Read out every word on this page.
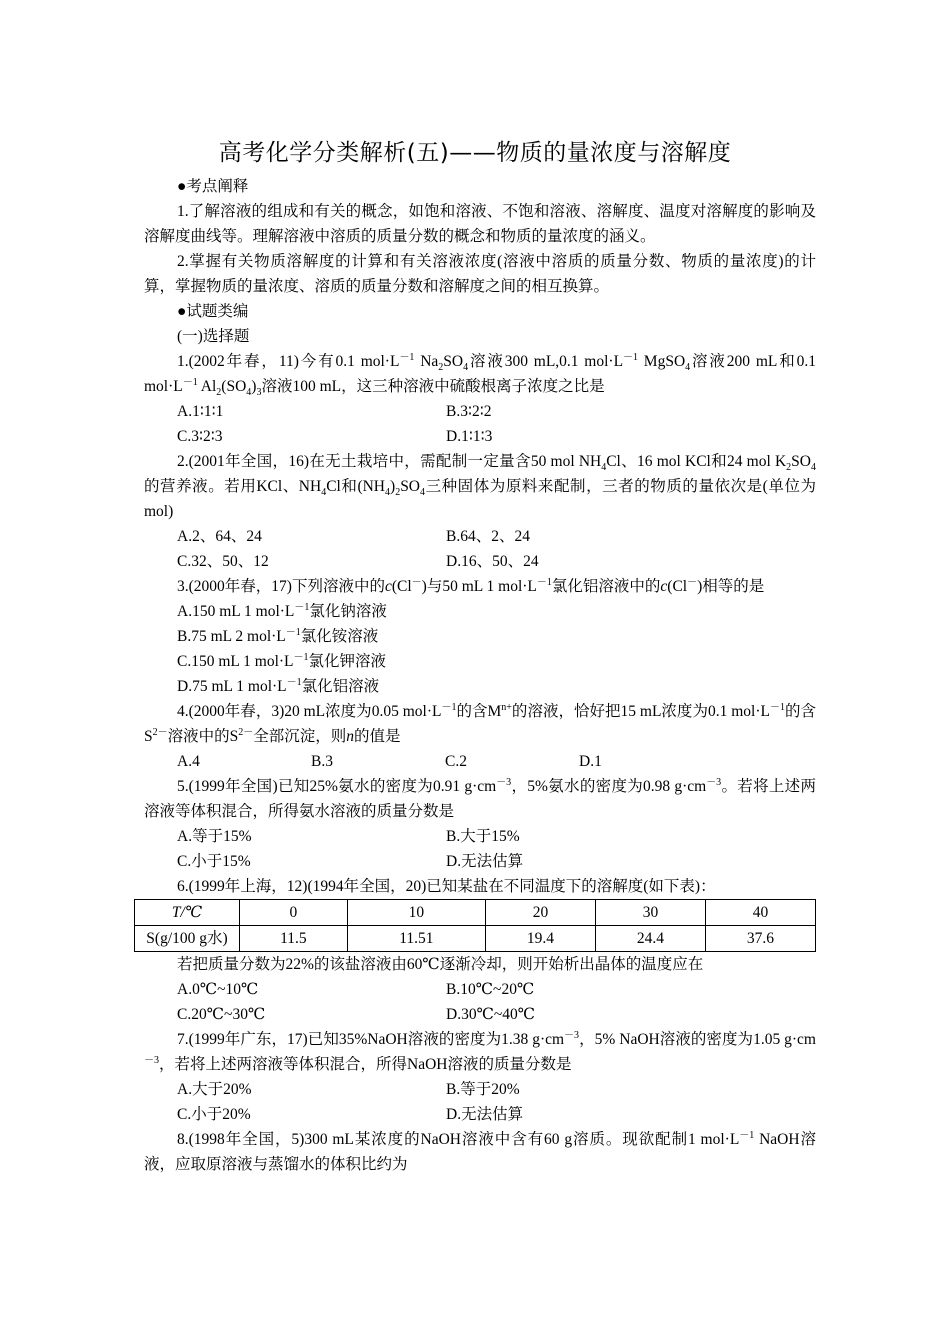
高考化学分类解析(五)——物质的量浓度与溶解度

●考点阐释

1.了解溶液的组成和有关的概念，如饱和溶液、不饱和溶液、溶解度、温度对溶解度的影响及溶解度曲线等。理解溶液中溶质的质量分数的概念和物质的量浓度的涵义。

2.掌握有关物质溶解度的计算和有关溶液浓度(溶液中溶质的质量分数、物质的量浓度)的计算，掌握物质的量浓度、溶质的质量分数和溶解度之间的相互换算。

●试题类编

(一)选择题

1.(2002年春，11)今有0.1 $mol\cdot L^{-1}$ $Na_2SO_4$溶液300 mL,0.1 $mol\cdot L^{-1}$ MgSO$_4$溶液200 mL和0.1 $mol\cdot L^{-1}$ $Al_2(SO_4)_3$溶液100 mL，这三种溶液中硫酸根离子浓度之比是

A.1∶1∶1	B.3∶2∶2
C.3∶2∶3	D.1∶1∶3

2.(2001年全国，16)在无土栽培中，需配制一定量含50 mol $NH_4Cl$、16 mol KCl和24 mol $K_2SO_4$的营养液。若用KCl、$NH_4Cl$和$(NH_4)_2SO_4$三种固体为原料来配制，三者的物质的量依次是(单位为mol)

A.2、64、24	B.64、2、24
C.32、50、12	D.16、50、24

3.(2000年春，17)下列溶液中的c(Cl－)与50 mL 1 $mol\cdot L^{-1}$氯化铝溶液中的c(Cl－)相等的是

A.150 mL 1 $mol\cdot L^{-1}$氯化钠溶液
B.75 mL 2 $mol\cdot L^{-1}$氯化铵溶液
C.150 mL 1 $mol\cdot L^{-1}$氯化钾溶液
D.75 mL 1 $mol\cdot L^{-1}$氯化铝溶液

4.(2000年春，3)20 mL浓度为0.05 $mol\cdot L^{-1}$的含$M^{n+}$的溶液，恰好把15 mL浓度为0.1 $mol\cdot L^{-1}$的含$S^{2-}$溶液中的$S^{2-}$全部沉淀，则n的值是

A.4	B.3	C.2	D.1

5.(1999年全国)已知25%氨水的密度为0.91 $g\cdot cm^{-3}$，5%氨水的密度为0.98 $g\cdot cm^{-3}$。若将上述两溶液等体积混合，所得氨水溶液的质量分数是

A.等于15%	B.大于15%
C.小于15%	D.无法估算

6.(1999年上海，12)(1994年全国，20)已知某盐在不同温度下的溶解度(如下表)：

T/℃	0	10	20	30	40
S(g/100 g水)	11.5	11.51	19.4	24.4	37.6

若把质量分数为22%的该盐溶液由60℃逐渐冷却，则开始析出晶体的温度应在

A.0℃~10℃	B.10℃~20℃
C.20℃~30℃	D.30℃~40℃

7.(1999年广东，17)已知35%NaOH溶液的密度为1.38 $g\cdot cm^{-3}$，5% NaOH溶液的密度为1.05 $g\cdot cm^{-3}$，若将上述两溶液等体积混合，所得NaOH溶液的质量分数是

A.大于20%	B.等于20%
C.小于20%	D.无法估算

8.(1998年全国，5)300 mL某浓度的NaOH溶液中含有60 g溶质。现欲配制1 $mol\cdot L^{-1}$ NaOH溶液，应取原溶液与蒸馏水的体积比约为
